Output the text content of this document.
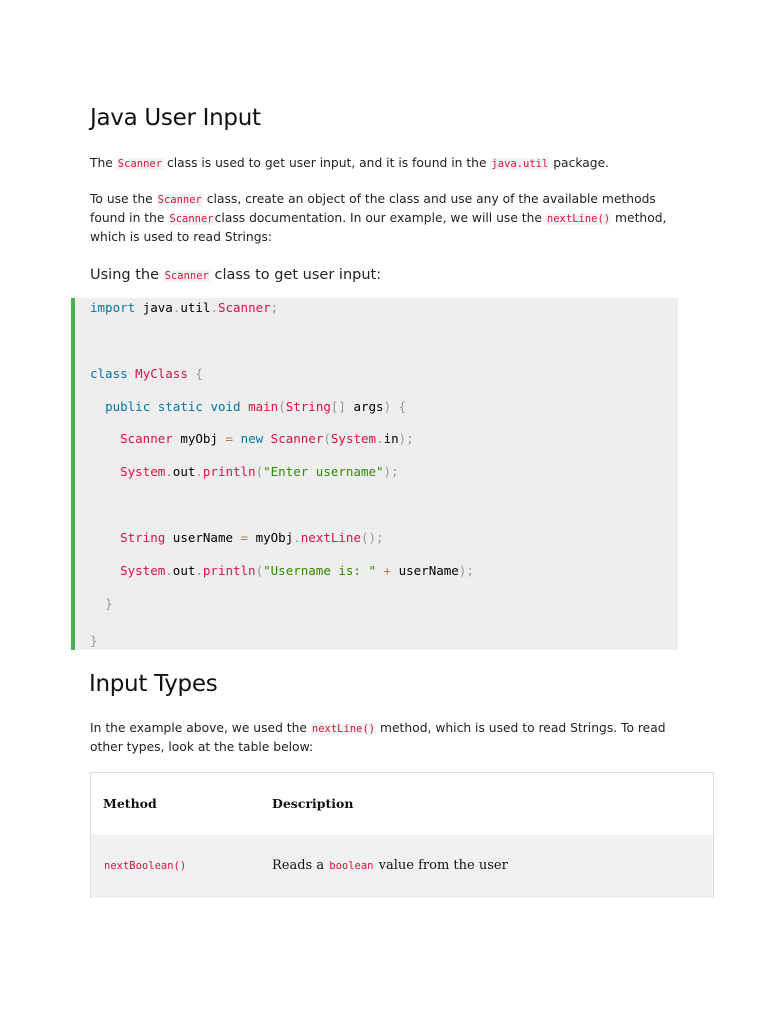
Java User Input

The Scanner class is used to get user input, and it is found in the java.util package.

To use the Scanner class, create an object of the class and use any of the available methods found in the Scannerclass documentation. In our example, we will use the nextLine() method, which is used to read Strings:

Using the Scanner class to get user input:

import java.util.Scanner;
class MyClass {
public static void main(String[] args) {
Scanner myObj = new Scanner(System.in);
System.out.println("Enter username");
String userName = myObj.nextLine();
System.out.println("Username is: " + userName);
}
}
Input Types

In the example above, we used the nextLine() method, which is used to read Strings. To read other types, look at the table below:

Method	Description
nextBoolean()	Reads a boolean value from the user
